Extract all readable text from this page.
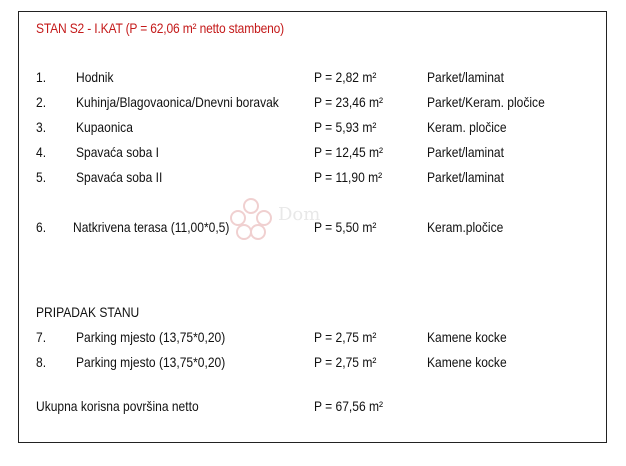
STAN S2 - I.KAT (P = 62,06 m² netto stambeno)
1. Hodnik	P = 2,82 m²	Parket/laminat
2. Kuhinja/Blagovaonica/Dnevni boravak	P = 23,46 m²	Parket/Keram. pločice
3. Kupaonica	P = 5,93 m²	Keram. pločice
4. Spavaća soba I	P = 12,45 m²	Parket/laminat
5. Spavaća soba II	P = 11,90 m²	Parket/laminat
6. Natkrivena terasa (11,00*0,5)	P = 5,50 m²	Keram.pločice
Dom
PRIPADAK STANU
7. Parking mjesto (13,75*0,20)	P = 2,75 m²	Kamene kocke
8. Parking mjesto (13,75*0,20)	P = 2,75 m²	Kamene kocke
Ukupna korisna površina netto	P = 67,56 m²
